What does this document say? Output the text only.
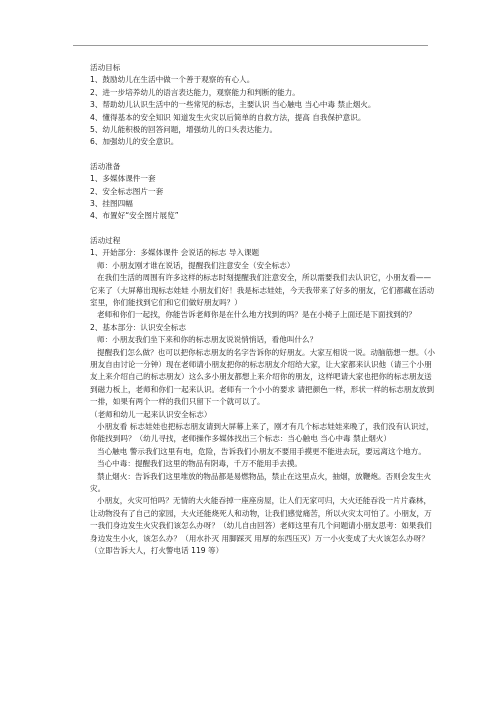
活动目标

1、鼓励幼儿在生活中做一个善于观察的有心人。

2、进一步培养幼儿的语言表达能力，观察能力和判断的能力。

3、帮助幼儿认识生活中的一些常见的标志，主要认识 当心触电 当心中毒 禁止烟火。

4、懂得基本的安全知识 知道发生火灾以后简单的自救方法，提高 自我保护意识。

5、幼儿能积极的回答问题，增强幼儿的口头表达能力。

6、加强幼儿的安全意识。

活动准备

1、多媒体课件一套

2、安全标志图片一套

3、挂图四幅

4、布置好“安全图片展览”

活动过程

1、开始部分：多媒体课件 会说话的标志 导入课题

师：小朋友刚才谁在说话，提醒我们注意安全（安全标志）

在我们生活的周围有许多这样的标志时刻提醒我们注意安全，所以需要我们去认识它，小朋友看——它来了（大屏幕出现标志娃娃 小朋友们好！我是标志娃娃，今天我带来了好多的朋友，它们都藏在活动室里，你们能找到它们和它们做好朋友吗？）

老师和你们一起找，你能告诉老师你是在什么地方找到的吗？是在小椅子上面还是下面找到的？

2、基本部分：认识安全标志

师：小朋友我们坐下来和你的标志朋友说说悄悄话，看他叫什么？

提醒我们怎么做？也可以把你标志朋友的名字告诉你的好朋友。大家互相说一说。动脑筋想一想。（小朋友自由讨论一分钟）现在老师请小朋友把你的标志朋友介绍给大家，让大家都来认识他（请三个小朋友上来介绍自己的标志朋友）这么多小朋友都想上来介绍你的朋友，这样吧请大家也把你的标志朋友送到磁力板上，老师和你们一起来认识。老师有一个小小的要求 请把颜色一样，形状一样的标志朋友放到一排，如果有两个一样的我们只留下一个就可以了。

（老师和幼儿一起来认识安全标志）

小朋友看 标志娃娃也把标志朋友请到大屏幕上来了，刚才有几个标志娃娃来晚了，我们没有认识过，你能找到吗？（幼儿寻找，老师操作多媒体找出三个标志：当心触电 当心中毒 禁止烟火）

当心触电 警示我们这里有电，危险，告诉我们小朋友不要用手摸更不能进去玩，要远离这个地方。

当心中毒：提醒我们这里的物品有阴毒，千万不能用手去摸。

禁止烟火：告诉我们这里堆放的物品都是易燃物品，禁止在这里点火，抽烟，放鞭炮。否则会发生火灾。

小朋友，火灾可怕吗？无情的大火能吞掉一座座房屋，让人们无家可归，大火还能吞没一片片森林，让动物没有了自己的家园，大火还能烧死人和动物，让我们感觉痛苦，所以火灾太可怕了。小朋友，万一我们身边发生火灾我们该怎么办呀？（幼儿自由回答）老师这里有几个问题请小朋友思考：如果我们身边发生小火，该怎么办？（用水扑灭 用脚踩灭 用厚的东西压灭）万一小火变成了大火该怎么办呀？（立即告诉大人，打火警电话 119 等）
